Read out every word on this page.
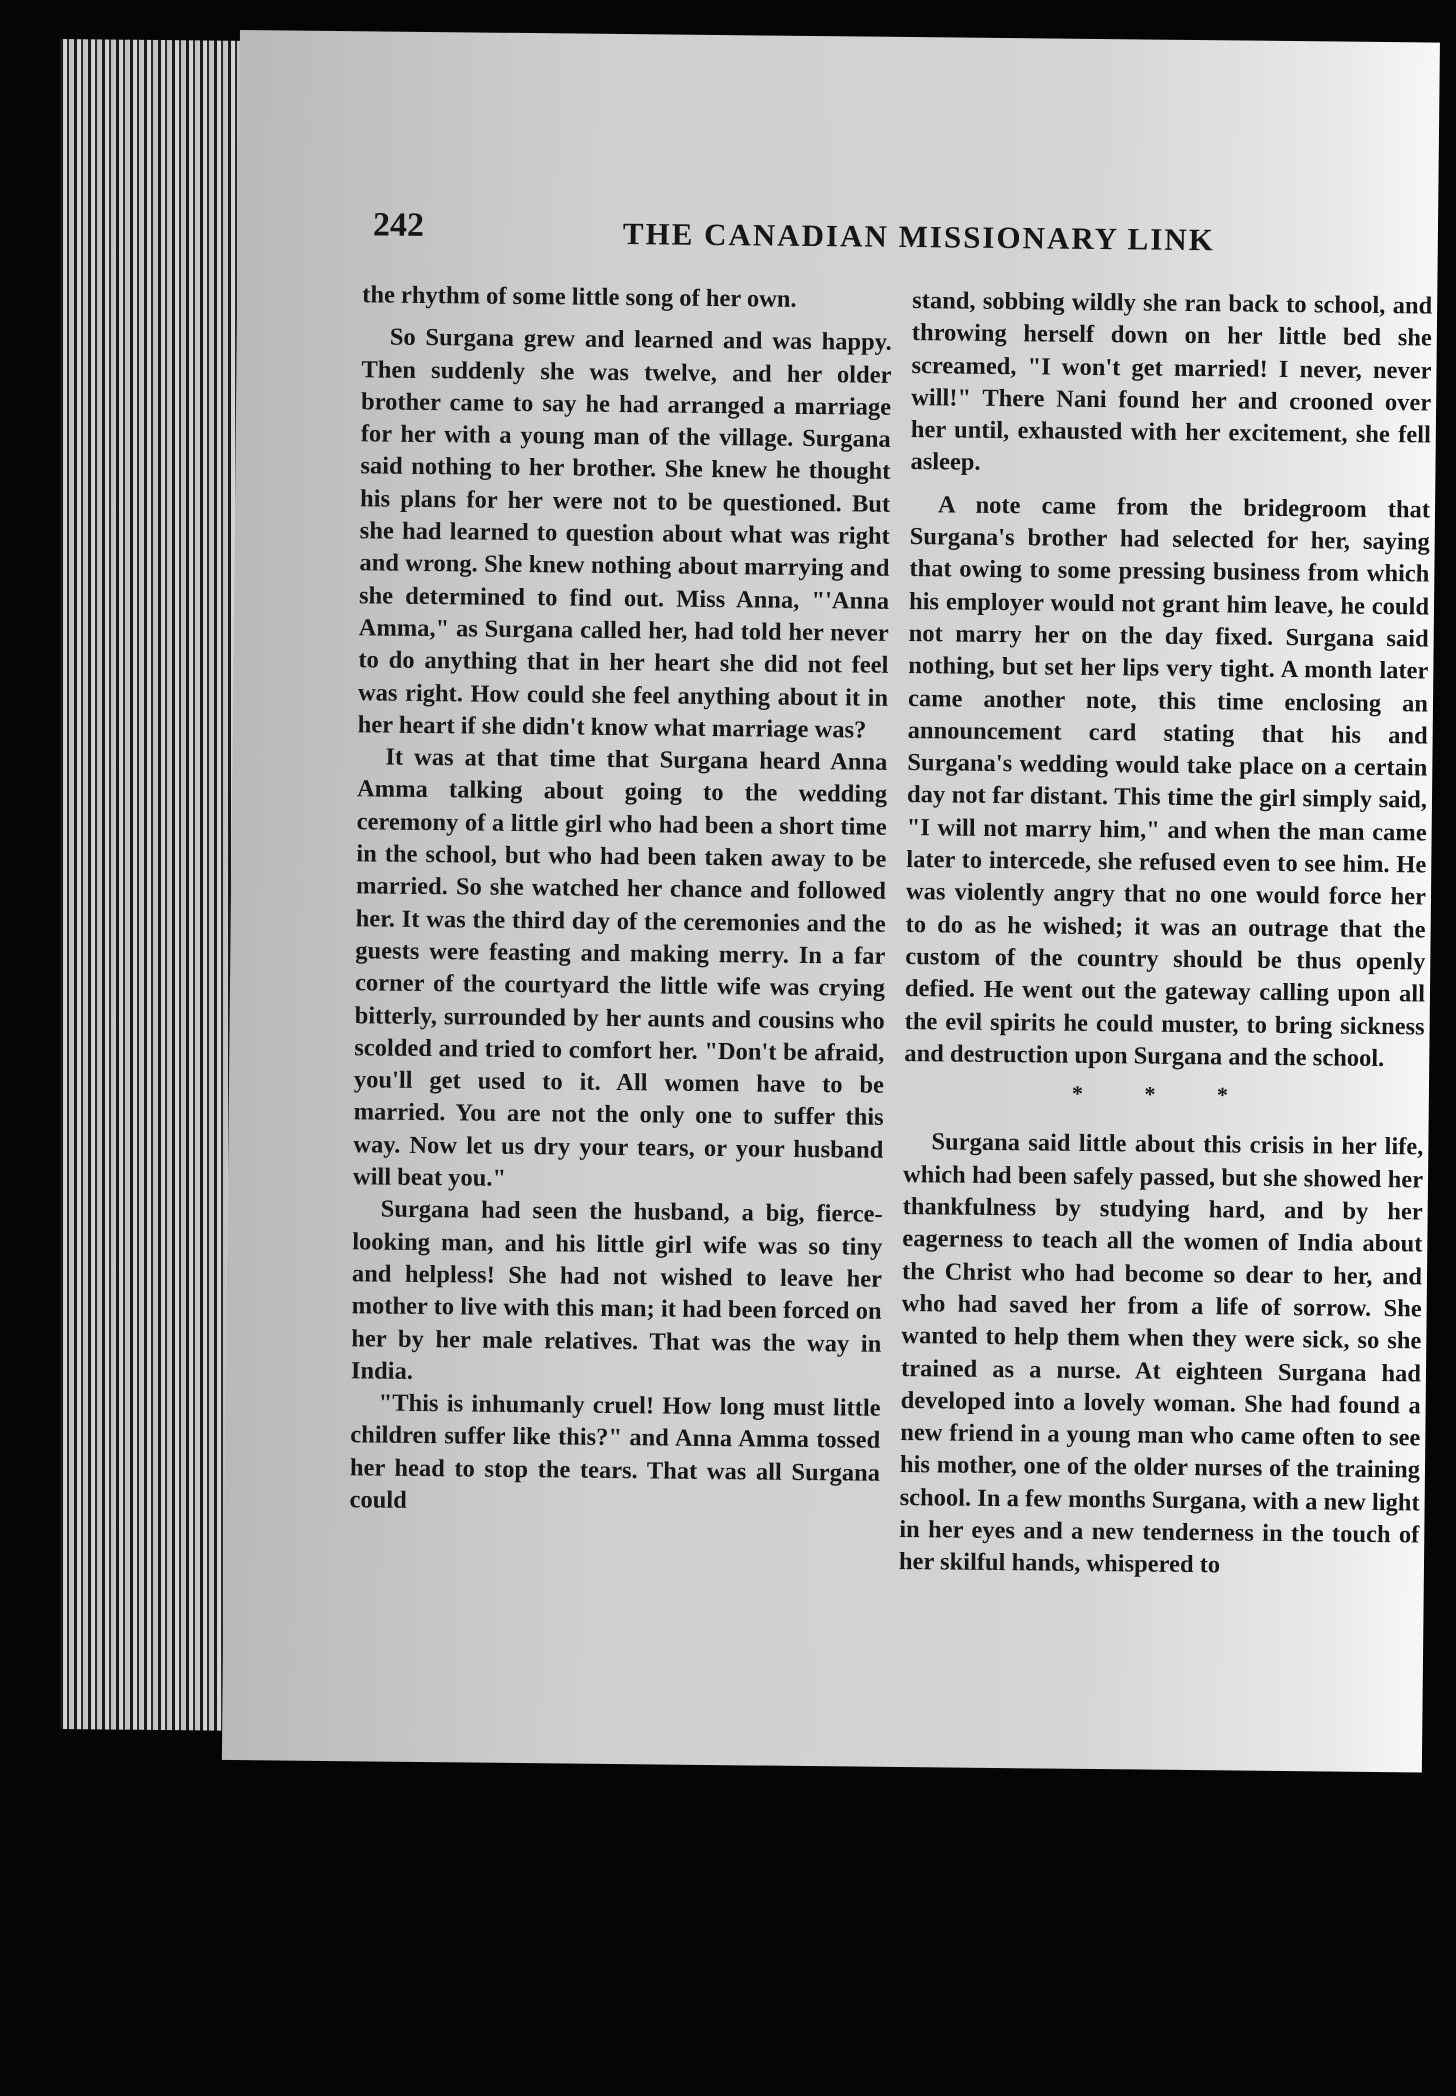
242	THE CANADIAN MISSIONARY LINK

the rhythm of some little song of her own.

So Surgana grew and learned and was happy. Then suddenly she was twelve, and her older brother came to say he had arranged a marriage for her with a young man of the village. Surgana said nothing to her brother. She knew he thought his plans for her were not to be questioned. But she had learned to question about what was right and wrong. She knew nothing about marrying and she determined to find out. Miss Anna, "'Anna Amma," as Surgana called her, had told her never to do anything that in her heart she did not feel was right. How could she feel anything about it in her heart if she didn't know what marriage was?

It was at that time that Surgana heard Anna Amma talking about going to the wedding ceremony of a little girl who had been a short time in the school, but who had been taken away to be married. So she watched her chance and followed her. It was the third day of the ceremonies and the guests were feasting and making merry. In a far corner of the courtyard the little wife was crying bitterly, surrounded by her aunts and cousins who scolded and tried to comfort her. "Don't be afraid, you'll get used to it. All women have to be married. You are not the only one to suffer this way. Now let us dry your tears, or your husband will beat you."

Surgana had seen the husband, a big, fierce-looking man, and his little girl wife was so tiny and helpless! She had not wished to leave her mother to live with this man; it had been forced on her by her male relatives. That was the way in India.

"This is inhumanly cruel! How long must little children suffer like this?" and Anna Amma tossed her head to stop the tears. That was all Surgana could

stand, sobbing wildly she ran back to school, and throwing herself down on her little bed she screamed, "I won't get married! I never, never will!" There Nani found her and crooned over her until, exhausted with her excitement, she fell asleep.

A note came from the bridegroom that Surgana's brother had selected for her, saying that owing to some pressing business from which his employer would not grant him leave, he could not marry her on the day fixed. Surgana said nothing, but set her lips very tight. A month later came another note, this time enclosing an announcement card stating that his and Surgana's wedding would take place on a certain day not far distant. This time the girl simply said, "I will not marry him," and when the man came later to intercede, she refused even to see him. He was violently angry that no one would force her to do as he wished; it was an outrage that the custom of the country should be thus openly defied. He went out the gateway calling upon all the evil spirits he could muster, to bring sickness and destruction upon Surgana and the school.

* * *

Surgana said little about this crisis in her life, which had been safely passed, but she showed her thankfulness by studying hard, and by her eagerness to teach all the women of India about the Christ who had become so dear to her, and who had saved her from a life of sorrow. She wanted to help them when they were sick, so she trained as a nurse. At eighteen Surgana had developed into a lovely woman. She had found a new friend in a young man who came often to see his mother, one of the older nurses of the training school. In a few months Surgana, with a new light in her eyes and a new tenderness in the touch of her skilful hands, whispered to
